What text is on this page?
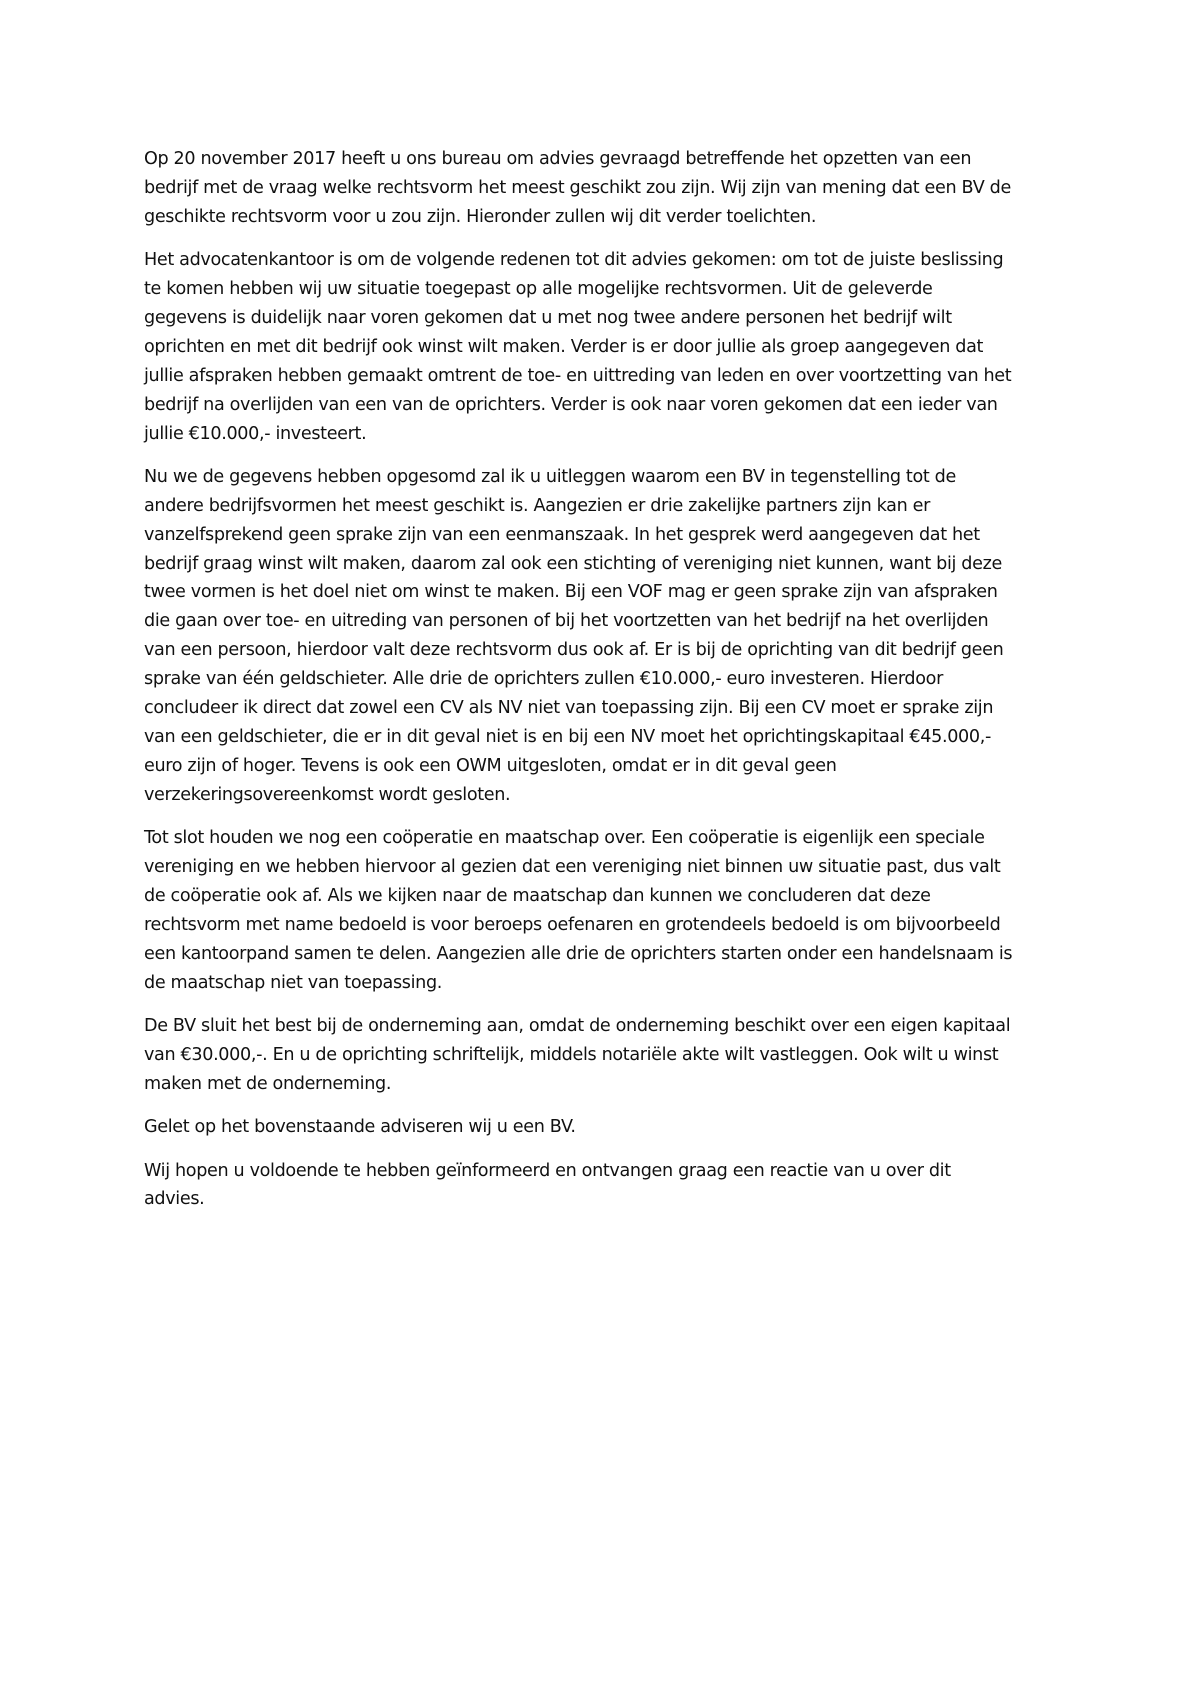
Op 20 november 2017 heeft u ons bureau om advies gevraagd betreffende het opzetten van een
bedrijf met de vraag welke rechtsvorm het meest geschikt zou zijn. Wij zijn van mening dat een BV de
geschikte rechtsvorm voor u zou zijn. Hieronder zullen wij dit verder toelichten.

Het advocatenkantoor is om de volgende redenen tot dit advies gekomen: om tot de juiste beslissing
te komen hebben wij uw situatie toegepast op alle mogelijke rechtsvormen. Uit de geleverde
gegevens is duidelijk naar voren gekomen dat u met nog twee andere personen het bedrijf wilt
oprichten en met dit bedrijf ook winst wilt maken. Verder is er door jullie als groep aangegeven dat
jullie afspraken hebben gemaakt omtrent de toe- en uittreding van leden en over voortzetting van het
bedrijf na overlijden van een van de oprichters. Verder is ook naar voren gekomen dat een ieder van
jullie €10.000,- investeert.

Nu we de gegevens hebben opgesomd zal ik u uitleggen waarom een BV in tegenstelling tot de
andere bedrijfsvormen het meest geschikt is. Aangezien er drie zakelijke partners zijn kan er
vanzelfsprekend geen sprake zijn van een eenmanszaak. In het gesprek werd aangegeven dat het
bedrijf graag winst wilt maken, daarom zal ook een stichting of vereniging niet kunnen, want bij deze
twee vormen is het doel niet om winst te maken. Bij een VOF mag er geen sprake zijn van afspraken
die gaan over toe- en uitreding van personen of bij het voortzetten van het bedrijf na het overlijden
van een persoon, hierdoor valt deze rechtsvorm dus ook af. Er is bij de oprichting van dit bedrijf geen
sprake van één geldschieter. Alle drie de oprichters zullen €10.000,- euro investeren. Hierdoor
concludeer ik direct dat zowel een CV als NV niet van toepassing zijn. Bij een CV moet er sprake zijn
van een geldschieter, die er in dit geval niet is en bij een NV moet het oprichtingskapitaal €45.000,-
euro zijn of hoger. Tevens is ook een OWM uitgesloten, omdat er in dit geval geen
verzekeringsovereenkomst wordt gesloten.

Tot slot houden we nog een coöperatie en maatschap over. Een coöperatie is eigenlijk een speciale
vereniging en we hebben hiervoor al gezien dat een vereniging niet binnen uw situatie past, dus valt
de coöperatie ook af. Als we kijken naar de maatschap dan kunnen we concluderen dat deze
rechtsvorm met name bedoeld is voor beroeps oefenaren en grotendeels bedoeld is om bijvoorbeeld
een kantoorpand samen te delen. Aangezien alle drie de oprichters starten onder een handelsnaam is
de maatschap niet van toepassing.

De BV sluit het best bij de onderneming aan, omdat de onderneming beschikt over een eigen kapitaal
van €30.000,-. En u de oprichting schriftelijk, middels notariële akte wilt vastleggen. Ook wilt u winst
maken met de onderneming.

Gelet op het bovenstaande adviseren wij u een BV.

Wij hopen u voldoende te hebben geïnformeerd en ontvangen graag een reactie van u over dit
advies.
